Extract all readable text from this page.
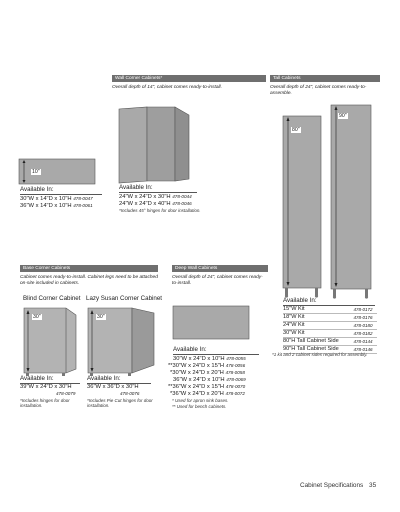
Wall Corner Cabinets*
Overall depth of 14", cabinet comes ready-to-install.
10"
Available In:
30"W x 14"D x 10"H 478-0047
36"W x 14"D x 10"H 478-0061
Available In:
24"W x 24"D x 30"H 478-0044
24"W x 24"D x 40"H 478-0046
*Includes 45° hinges for door installation.
Tall Cabinets
Overall depth of 24", cabinet comes ready-to-assemble.
80"
90"
Available In:
15"W Kit	478-0172
18"W Kit	478-0176
24"W Kit	478-0180
30"W Kit	478-0182
80"H Tall Cabinet Side	478-0144
90"H Tall Cabinet Side	478-0146
*1 kit and 2 cabinet sides required for assembly.
Base Corner Cabinets
Cabinet comes ready-to-install. Cabinet legs need to be attached on-site included in cabinets.
Blind Corner Cabinet Lazy Susan Corner Cabinet
30"	30"
Available In:
39"W x 24"D x 30"H
478-0079
*Includes hinges for door installation.
Available In:
36"W x 36"D x 30"H
478-0076
*Includes Pie Cut hinges for door installation.
Deep Wall Cabinets
Overall depth of 24", cabinet comes ready-to-install.
Available In:
30"W x 24"D x 10"H 478-0055
**30"W x 24"D x 15"H 478-0056
*30"W x 24"D x 20"H 478-0058
36"W x 24"D x 10"H 478-0069
**36"W x 24"D x 15"H 478-0070
*36"W x 24"D x 20"H 478-0072
* Used for apron sink bases.
** Used for bench cabinets.
Cabinet Specifications 35
